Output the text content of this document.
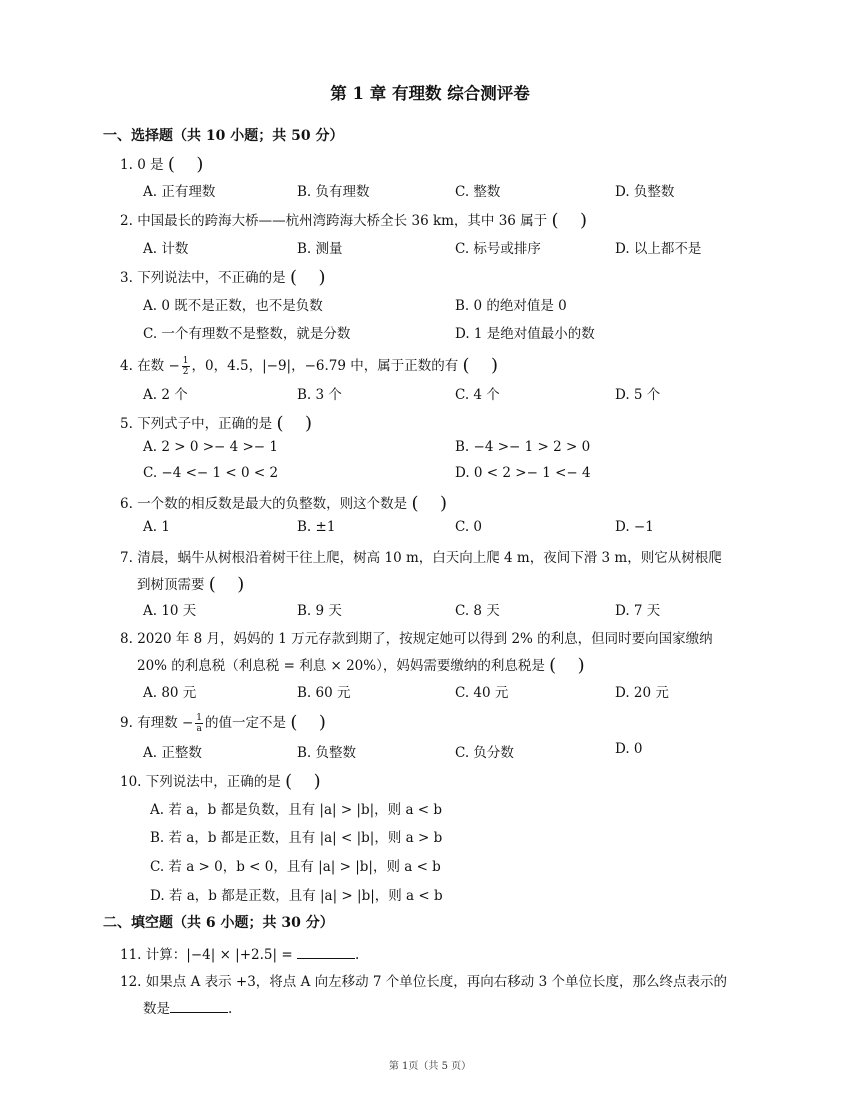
第 1 章 有理数 综合测评卷
一、选择题（共 10 小题；共 50 分）
1. 0 是 ( )
A. 正有理数	B. 负有理数	C. 整数	D. 负整数
2. 中国最长的跨海大桥——杭州湾跨海大桥全长 36 km，其中 36 属于 ( )
A. 计数	B. 测量	C. 标号或排序	D. 以上都不是
3. 下列说法中，不正确的是 ( )
A. 0 既不是正数，也不是负数	B. 0 的绝对值是 0
C. 一个有理数不是整数，就是分数	D. 1 是绝对值最小的数
4. 在数 − $\frac{1}{2}$ ，0，4.5，|−9|，−6.79 中，属于正数的有 ( )
A. 2 个	B. 3 个	C. 4 个	D. 5 个
5. 下列式子中，正确的是 ( )
A. 2 > 0 >− 4 >− 1	B. −4 >− 1 > 2 > 0
C. −4 <− 1 < 0 < 2	D. 0 < 2 >− 1 <− 4
6. 一个数的相反数是最大的负整数，则这个数是 ( )
A. 1	B. ±1	C. 0	D. −1
7. 清晨，蜗牛从树根沿着树干往上爬，树高 10 m，白天向上爬 4 m，夜间下滑 3 m，则它从树根爬
到树顶需要 ( )
A. 10 天	B. 9 天	C. 8 天	D. 7 天
8. 2020 年 8 月，妈妈的 1 万元存款到期了，按规定她可以得到 2% 的利息，但同时要向国家缴纳
20% 的利息税（利息税 = 利息 × 20%），妈妈需要缴纳的利息税是 ( )
A. 80 元	B. 60 元	C. 40 元	D. 20 元
9. 有理数 − $\frac{1}{a}$ 的值一定不是 ( )
A. 正整数	B. 负整数	C. 负分数	D. 0
10. 下列说法中，正确的是 ( )
A. 若 a，b 都是负数，且有 |a| > |b|，则 a < b
B. 若 a，b 都是正数，且有 |a| < |b|，则 a > b
C. 若 a > 0，b < 0，且有 |a| > |b|，则 a < b
D. 若 a，b 都是正数，且有 |a| > |b|，则 a < b
二、填空题（共 6 小题；共 30 分）
11. 计算：|−4| × |+2.5| =	.
12. 如果点 A 表示 +3，将点 A 向左移动 7 个单位长度，再向右移动 3 个单位长度，那么终点表示的
数是	.
第 1页（共 5 页）
